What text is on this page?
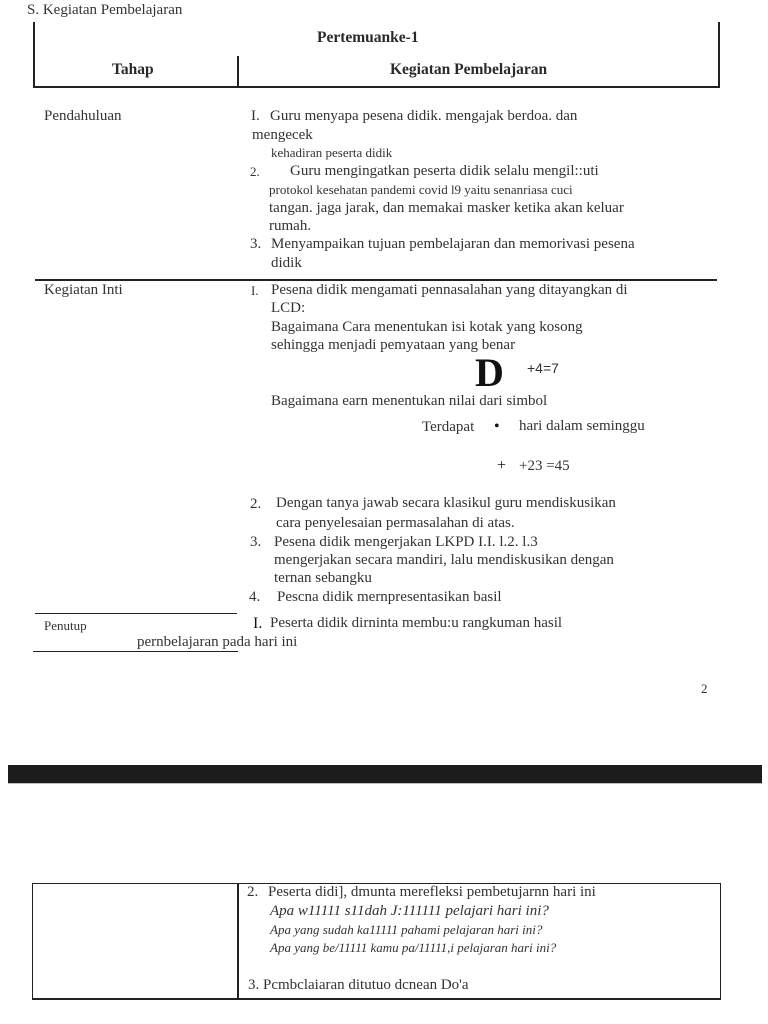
S. Kegiatan Pembelajaran
Pertemuanke-1
Tahap	Kegiatan Pembelajaran
Pendahuluan	I. Guru menyapa pesena didik. mengajak berdoa. dan
mengecek
kehadiran peserta didik
2. Guru mengingatkan peserta didik selalu mengil::uti
protokol kesehatan pandemi covid l9 yaitu senanriasa cuci
tangan. jaga jarak, dan memakai masker ketika akan keluar
rumah.
3. Menyampaikan tujuan pembelajaran dan memorivasi pesena
didik
Kegiatan Inti	I. Pesena didik mengamati pennasalahan yang ditayangkan di
LCD:
Bagaimana Cara menentukan isi kotak yang kosong
sehingga menjadi pemyataan yang benar
D +4=7
Bagaimana earn menentukan nilai dari simbol
Terdapat • hari dalam seminggu
+ +23 =45
2. Dengan tanya jawab secara klasikul guru mendiskusikan
cara penyelesaian permasalahan di atas.
3. Pesena didik mengerjakan LKPD I.I. l.2. l.3
mengerjakan secara mandiri, lalu mendiskusikan dengan
ternan sebangku
4. Pescna didik mernpresentasikan basil
Penutup	I. Peserta didik dirninta membu:u rangkuman hasil
pernbelajaran pada hari ini
2
2. Peserta didi], dmunta merefleksi pembetujarnn hari ini
Apa w11111 s11dah J:111111 pelajari hari ini?
Apa yang sudah ka11111 pahami pelajaran hari ini?
Apa yang be/11111 kamu pa/11111,i pelajaran hari ini?
3. Pcmbclaiaran ditutuo dcnean Do'a
